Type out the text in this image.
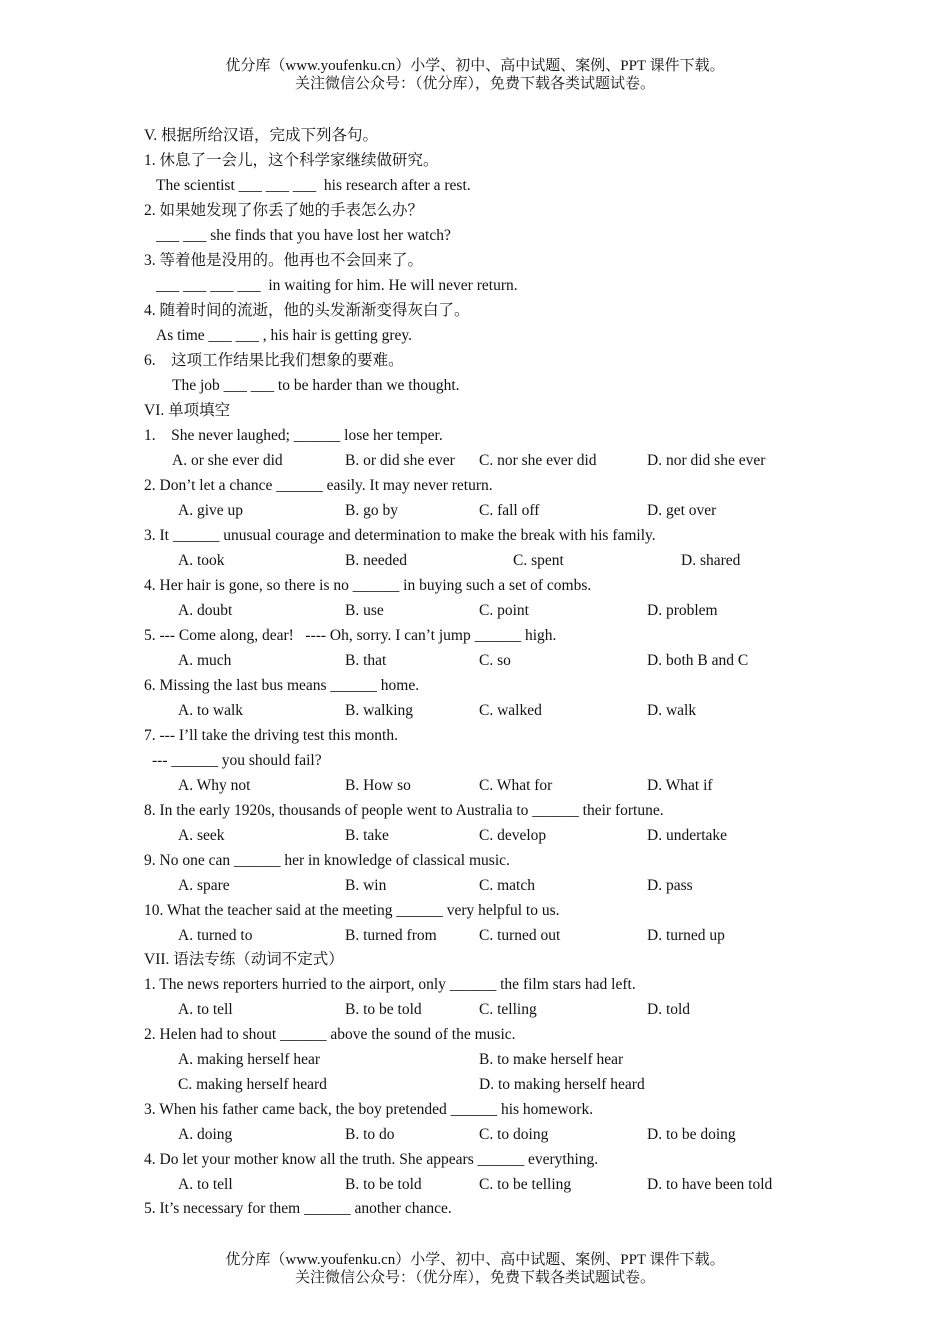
优分库（www.youfenku.cn）小学、初中、高中试题、案例、PPT 课件下载。
关注微信公众号：（优分库），免费下载各类试题试卷。
V. 根据所给汉语，完成下列各句。
1. 休息了一会儿，这个科学家继续做研究。
The scientist ___ ___ ___  his research after a rest.
2. 如果她发现了你丢了她的手表怎么办？
___ ___ she finds that you have lost her watch?
3. 等着他是没用的。他再也不会回来了。
___ ___ ___ ___  in waiting for him. He will never return.
4. 随着时间的流逝，他的头发渐渐变得灰白了。
As time ___ ___ , his hair is getting grey.
6.    这项工作结果比我们想象的要难。
The job ___ ___ to be harder than we thought.
VI. 单项填空
1.    She never laughed; ______ lose her temper.
A. or she ever did	B. or did she ever C. nor she ever did	D. nor did she ever
2. Don’t let a chance ______ easily. It may never return.
A. give up	B. go by	C. fall off	D. get over
3. It ______ unusual courage and determination to make the break with his family.
A. took	B. needed	C. spent	D. shared
4. Her hair is gone, so there is no ______ in buying such a set of combs.
A. doubt	B. use	C. point	D. problem
5. --- Come along, dear!   ---- Oh, sorry. I can’t jump ______ high.
A. much	B. that	C. so	D. both B and C
6. Missing the last bus means ______ home.
A. to walk	B. walking	C. walked	D. walk
7. --- I’ll take the driving test this month.
--- ______ you should fail?
A. Why not	B. How so	C. What for	D. What if
8. In the early 1920s, thousands of people went to Australia to ______ their fortune.
A. seek	B. take	C. develop	D. undertake
9. No one can ______ her in knowledge of classical music.
A. spare	B. win	C. match	D. pass
10. What the teacher said at the meeting ______ very helpful to us.
A. turned to	B. turned from	C. turned out	D. turned up
VII. 语法专练（动词不定式）
1. The news reporters hurried to the airport, only ______ the film stars had left.
A. to tell	B. to be told	C. telling	D. told
2. Helen had to shout ______ above the sound of the music.
A. making herself hear	B. to make herself hear
C. making herself heard	D. to making herself heard
3. When his father came back, the boy pretended ______ his homework.
A. doing	B. to do	C. to doing	D. to be doing
4. Do let your mother know all the truth. She appears ______ everything.
A. to tell	B. to be told	C. to be telling	D. to have been told
5. It’s necessary for them ______ another chance.
优分库（www.youfenku.cn）小学、初中、高中试题、案例、PPT 课件下载。
关注微信公众号：（优分库），免费下载各类试题试卷。
